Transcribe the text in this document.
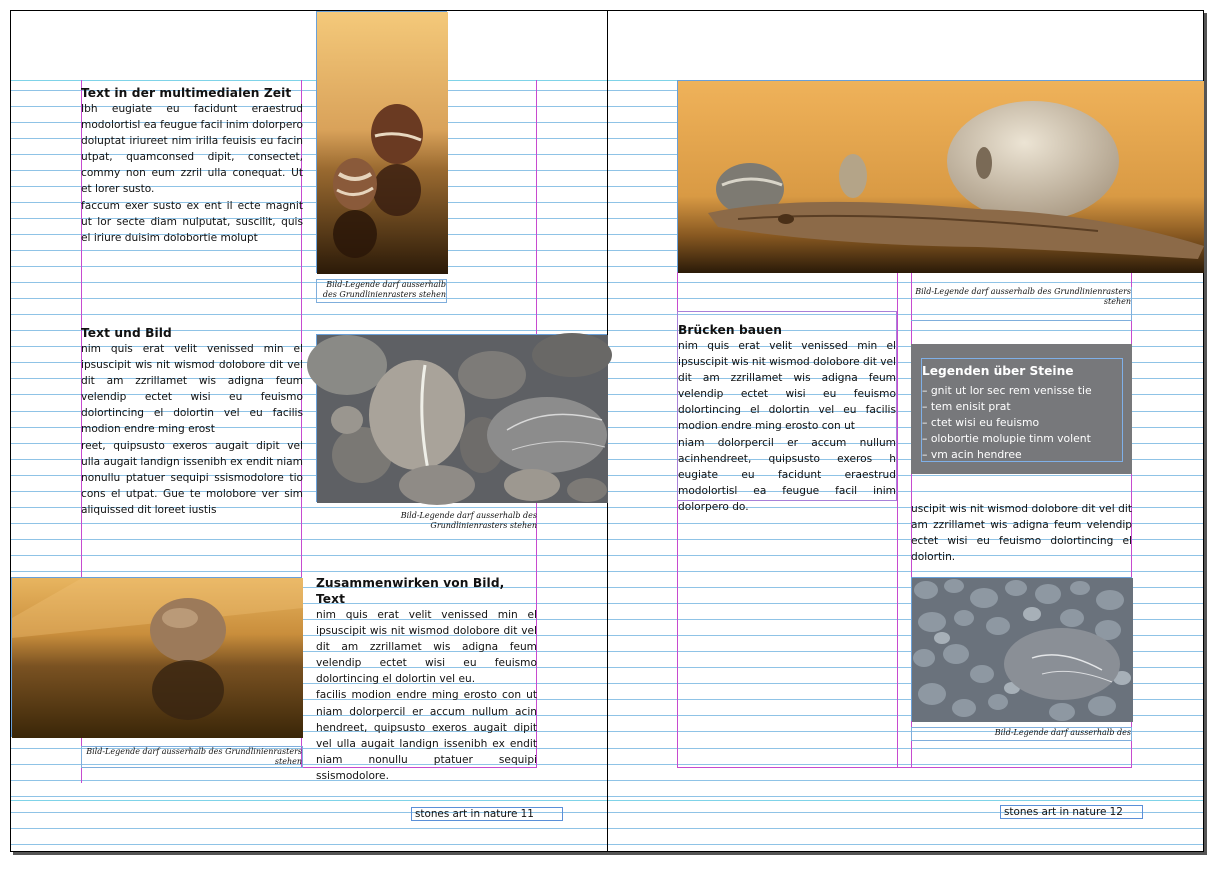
Text in der multimedialen Zeit

Ibh eugiate eu facidunt eraestrud modolortisl ea feugue facil inim dolorpero doluptat iriureet nim irilla feuisis eu facin utpat, quamconsed dipit, consectet, commy non eum zzril ulla conequat. Ut et lorer susto.

faccum exer susto ex ent il ecte magnit ut lor secte diam nulputat, suscilit, quis el iriure duisim dolobortie molupt

Bild-Legende darf ausserhalb des Grundlinienrasters stehen

Text und Bild

nim quis erat velit venissed min el ipsuscipit wis nit wismod dolobore dit vel dit am zzrillamet wis adigna feum velendip ectet wisi eu feuismo dolortincing el dolortin vel eu facilis modion endre ming erost

reet, quipsusto exeros augait dipit vel ulla augait landign issenibh ex endit niam nonullu ptatuer sequipi ssismodolore tio cons el utpat. Gue te molobore ver sim aliquissed dit loreet iustis	Bild-Legende darf ausserhalb des Grundlinienrasters stehen
Bild-Legende darf ausserhalb des Grundlinienrasters stehen

Zusammenwirken von Bild, Text

nim quis erat velit venissed min el ipsuscipit wis nit wismod dolobore dit vel dit am zzrillamet wis adigna feum velendip ectet wisi eu feuismo dolortincing el dolortin vel eu.

facilis modion endre ming erosto con ut niam dolorpercil er accum nullum acin hendreet, quipsusto exeros augait dipit vel ulla augait landign issenibh ex endit niam nonullu ptatuer sequipi ssismodolore.

stones art in nature 11
Bild-Legende darf ausserhalb des Grundlinienrasters stehen

Brücken bauen

nim quis erat velit venissed min el ipsuscipit wis nit wismod dolobore dit vel dit am zzrillamet wis adigna feum velendip ectet wisi eu feuismo dolortincing el dolortin vel eu facilis modion endre ming erosto con ut

niam dolorpercil er accum nullum acinhendreet, quipsusto exeros h eugiate eu facidunt eraestrud modolortisl ea feugue facil inim dolorpero do.

Legenden über Steine
– gnit ut lor sec rem venisse tie
– tem enisit prat
– ctet wisi eu feuismo
– olobortie molupie tinm volent
– vm acin hendree

uscipit wis nit wismod dolobore dit vel dit am zzrillamet wis adigna feum velendip ectet wisi eu feuismo dolortincing el dolortin.

Bild-Legende darf ausserhalb des
stones art in nature 12
